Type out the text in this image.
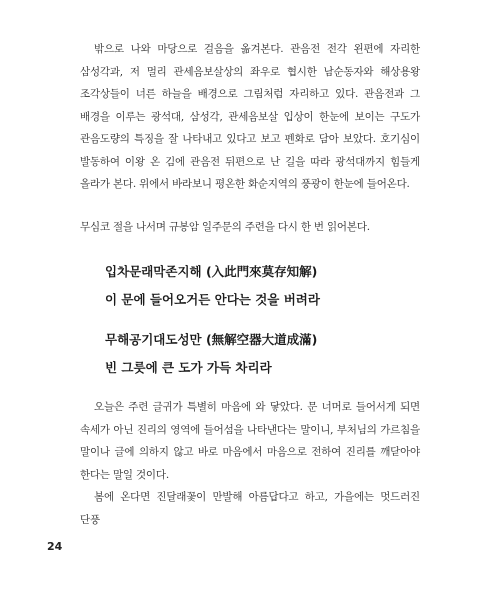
밖으로 나와 마당으로 걸음을 옮겨본다. 관음전 전각 왼편에 자리한 삼성각과, 저 멀리 관세음보살상의 좌우로 협시한 남순동자와 해상용왕 조각상들이 너른 하늘을 배경으로 그림처럼 자리하고 있다. 관음전과 그 배경을 이루는 광석대, 삼성각, 관세음보살 입상이 한눈에 보이는 구도가 관음도량의 특징을 잘 나타내고 있다고 보고 펜화로 담아 보았다. 호기심이 발동하여 이왕 온 김에 관음전 뒤편으로 난 길을 따라 광석대까지 힘들게 올라가 본다. 위에서 바라보니 평온한 화순지역의 풍광이 한눈에 들어온다.

무심코 절을 나서며 규봉암 일주문의 주련을 다시 한 번 읽어본다.

입차문래막존지해 (入此門來莫存知解)

이 문에 들어오거든 안다는 것을 버려라

무해공기대도성만 (無解空器大道成滿)

빈 그릇에 큰 도가 가득 차리라

오늘은 주련 글귀가 특별히 마음에 와 닿았다. 문 너머로 들어서게 되면 속세가 아닌 진리의 영역에 들어섬을 나타낸다는 말이니, 부처님의 가르침을 말이나 글에 의하지 않고 바로 마음에서 마음으로 전하여 진리를 깨닫아야 한다는 말일 것이다.

봄에 온다면 진달래꽃이 만발해 아름답다고 하고, 가을에는 멋드러진 단풍

24
